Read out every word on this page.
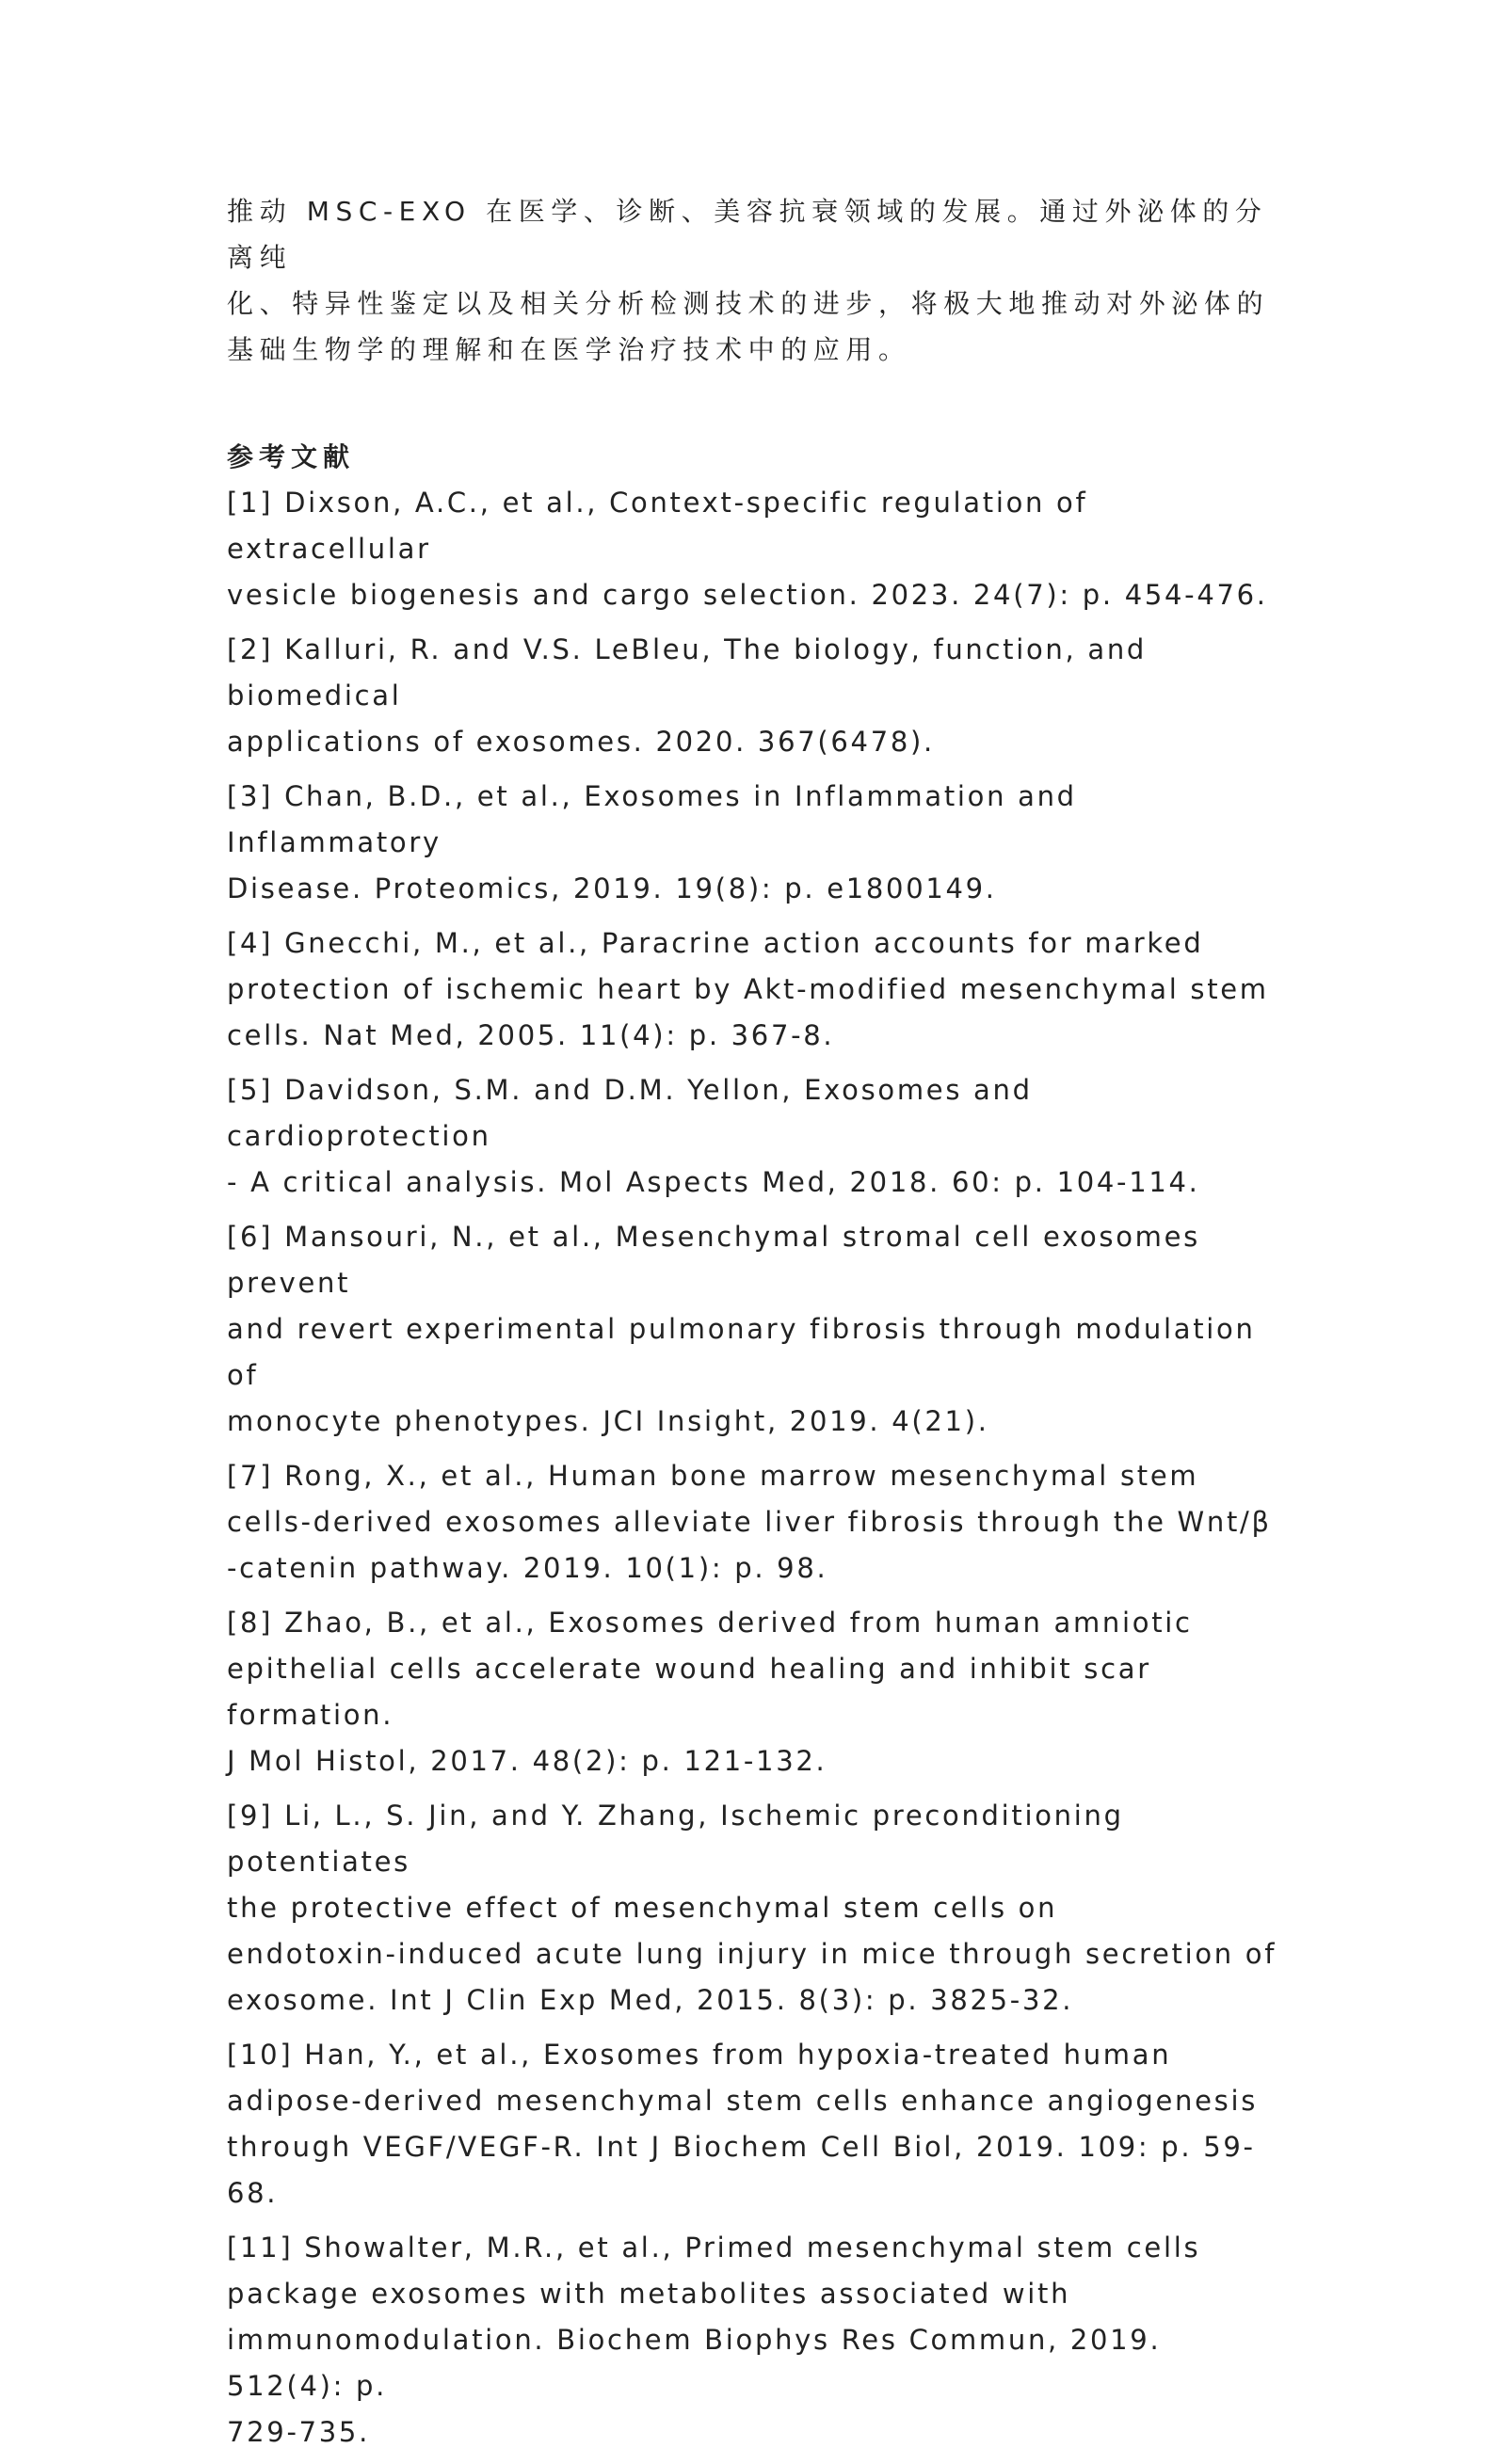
推动 MSC-EXO 在医学、诊断、美容抗衰领域的发展。通过外泌体的分离纯
化、特异性鉴定以及相关分析检测技术的进步，将极大地推动对外泌体的
基础生物学的理解和在医学治疗技术中的应用。

参考文献
[1] Dixson, A.C., et al., Context-specific regulation of extracellular
vesicle biogenesis and cargo selection. 2023. 24(7): p. 454-476.
[2] Kalluri, R. and V.S. LeBleu, The biology, function, and biomedical
applications of exosomes. 2020. 367(6478).
[3] Chan, B.D., et al., Exosomes in Inflammation and Inflammatory
Disease. Proteomics, 2019. 19(8): p. e1800149.
[4] Gnecchi, M., et al., Paracrine action accounts for marked
protection of ischemic heart by Akt-modified mesenchymal stem
cells. Nat Med, 2005. 11(4): p. 367-8.
[5] Davidson, S.M. and D.M. Yellon, Exosomes and cardioprotection
- A critical analysis. Mol Aspects Med, 2018. 60: p. 104-114.
[6] Mansouri, N., et al., Mesenchymal stromal cell exosomes prevent
and revert experimental pulmonary fibrosis through modulation of
monocyte phenotypes. JCI Insight, 2019. 4(21).
[7] Rong, X., et al., Human bone marrow mesenchymal stem
cells-derived exosomes alleviate liver fibrosis through the Wnt/β
-catenin pathway. 2019. 10(1): p. 98.
[8] Zhao, B., et al., Exosomes derived from human amniotic
epithelial cells accelerate wound healing and inhibit scar formation.
J Mol Histol, 2017. 48(2): p. 121-132.
[9] Li, L., S. Jin, and Y. Zhang, Ischemic preconditioning potentiates
the protective effect of mesenchymal stem cells on
endotoxin-induced acute lung injury in mice through secretion of
exosome. Int J Clin Exp Med, 2015. 8(3): p. 3825-32.
[10] Han, Y., et al., Exosomes from hypoxia-treated human
adipose-derived mesenchymal stem cells enhance angiogenesis
through VEGF/VEGF-R. Int J Biochem Cell Biol, 2019. 109: p. 59-68.
[11] Showalter, M.R., et al., Primed mesenchymal stem cells
package exosomes with metabolites associated with
immunomodulation. Biochem Biophys Res Commun, 2019. 512(4): p.
729-735.
